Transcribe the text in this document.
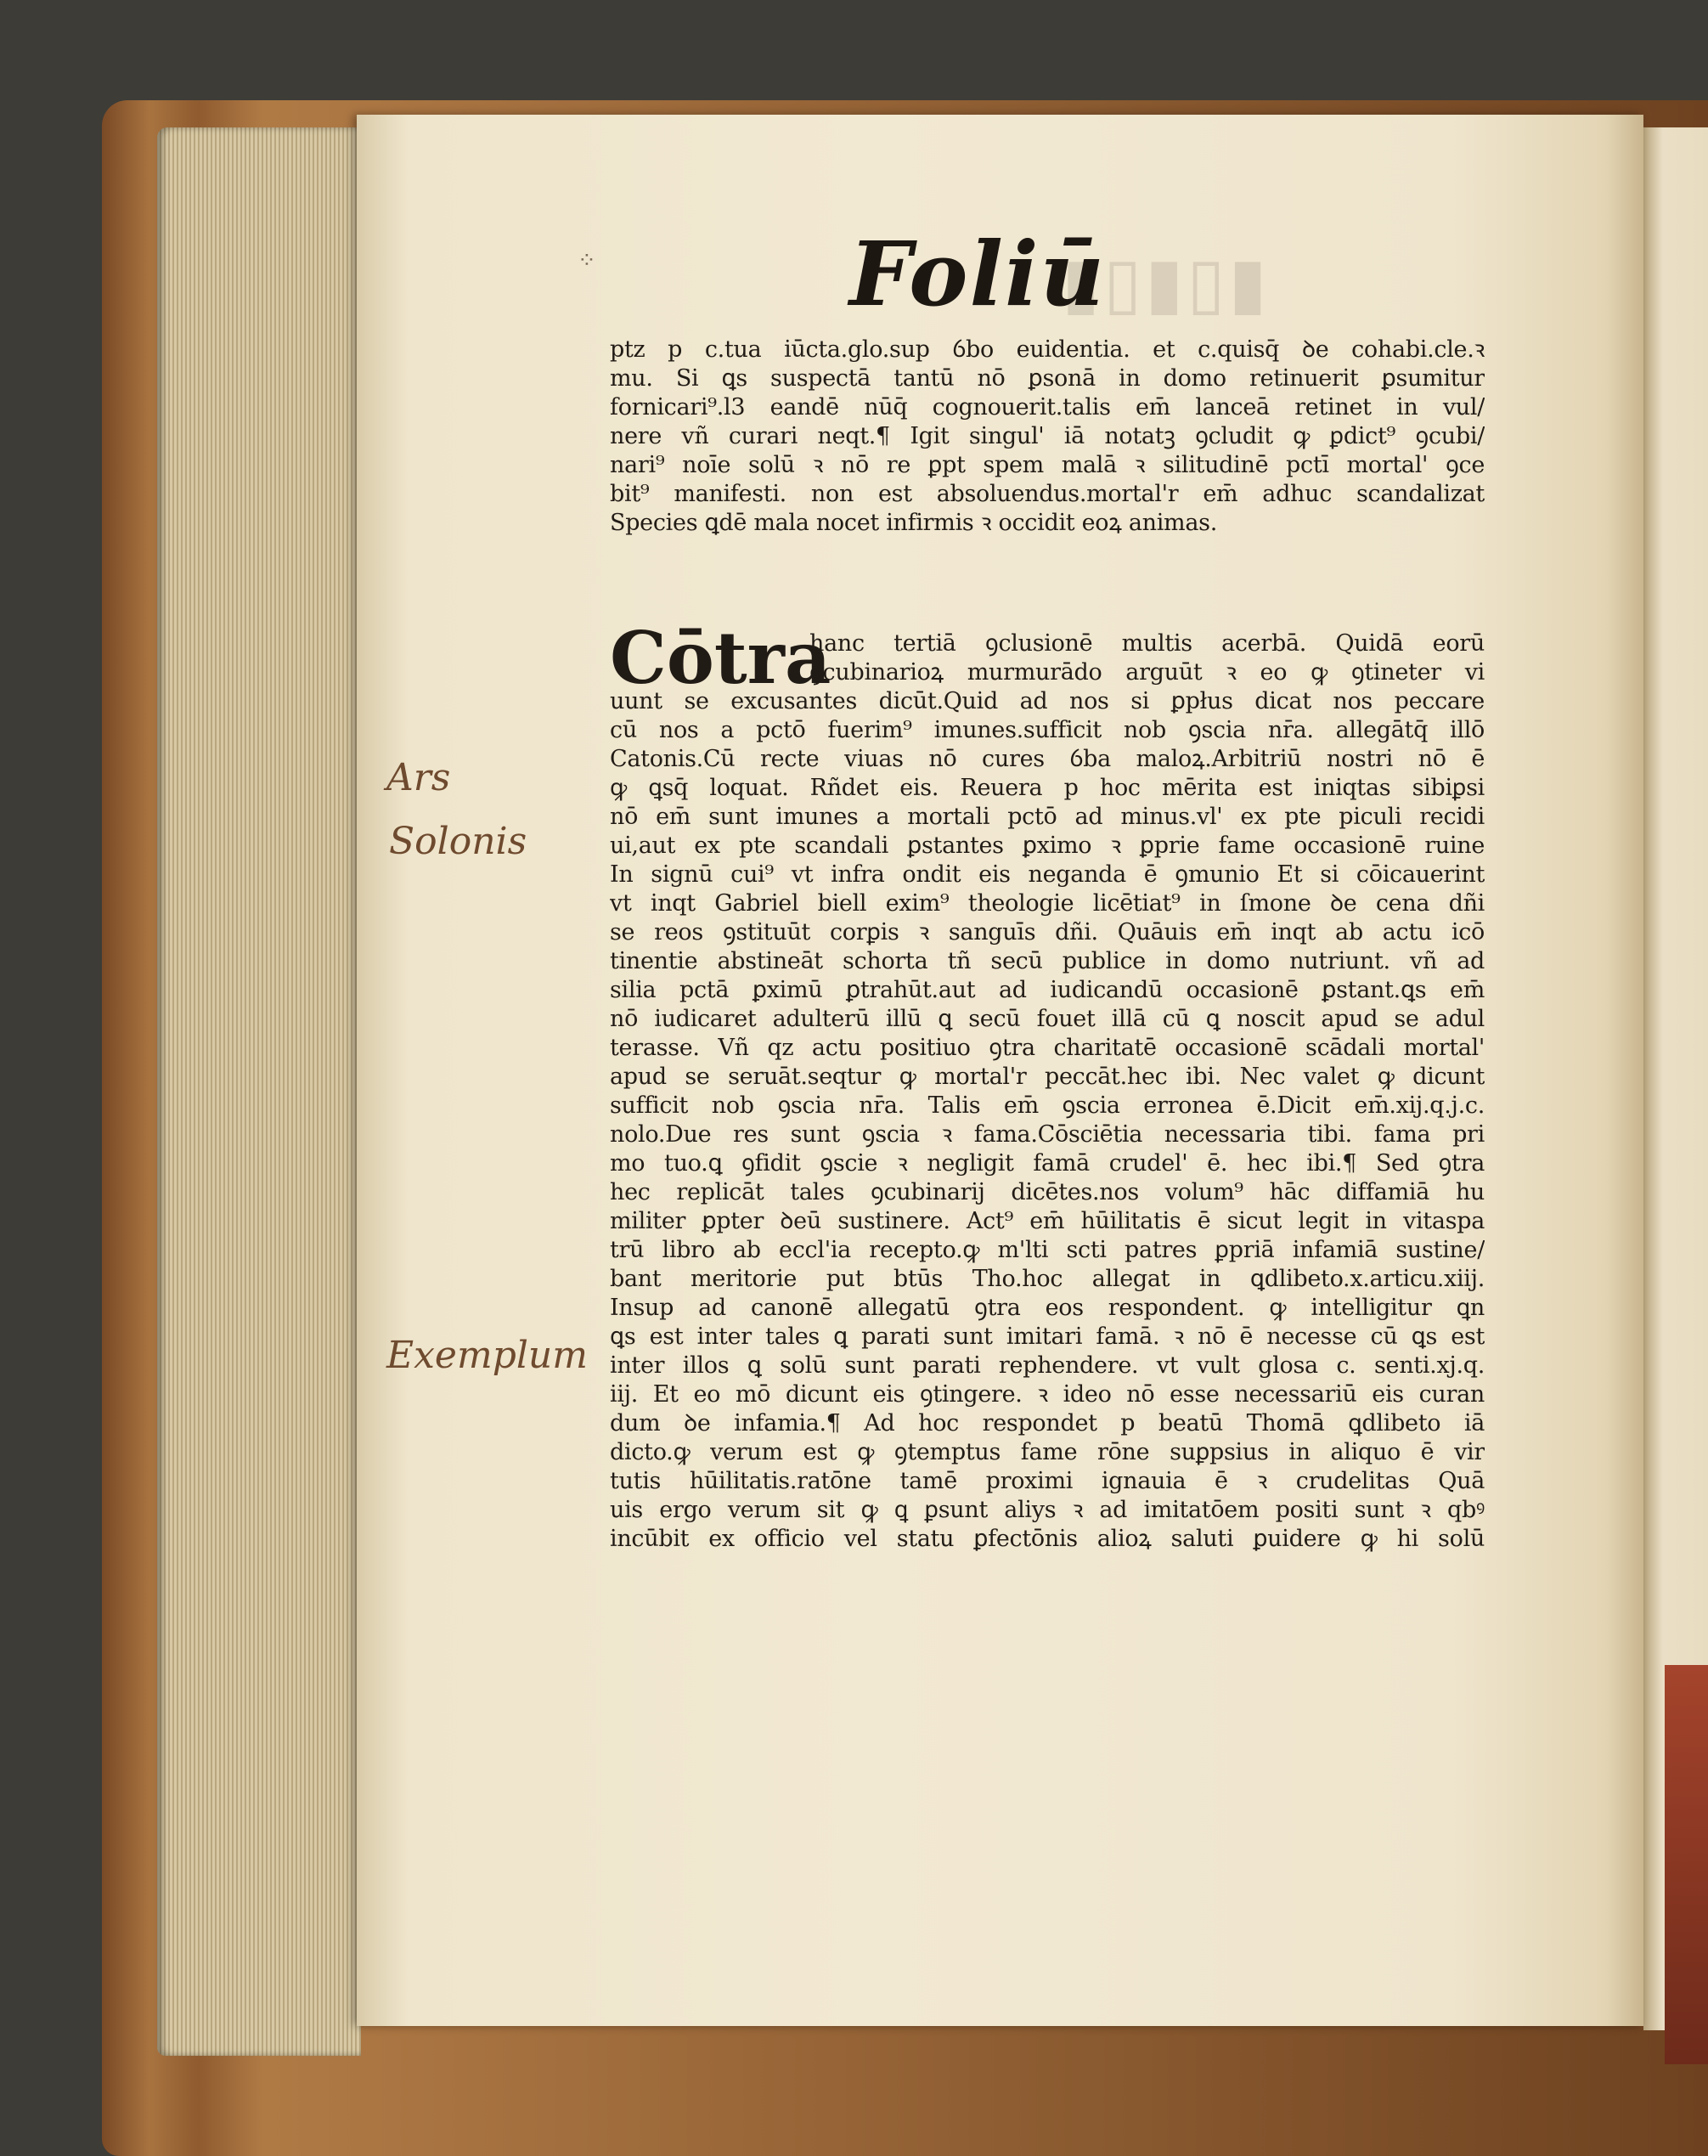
⁘	▮▯▮▯▮
Foliū
Ars
Solonis
Exemplum
ptz p c.tua iūcta.glo.sup ỽbo euidentia. et c.quisq̄ ꝺe cohabi.cle.ꝛ
mu. Si ꝗs suspectā tantū nō ꝑsonā in domo retinuerit ꝑsumitur
fornicari⁹.l3 eandē nūq̄ cognouerit.talis em̄ lanceā retinet in vul/
nere vñ curari neqt.¶ Igit singul' iā notatꝫ ꝯcludit ꝙ ꝑdict⁹ ꝯcubi/
nari⁹ noīe solū ꝛ nō re ꝑpt spem malā ꝛ silitudinē pctī mortal' ꝯce
bit⁹ manifesti. non est absoluendus.mortal'r em̄ adhuc scandalizat
Species ꝗdē mala nocet infirmis ꝛ occidit eoꝝ animas.
Cōtra
hanc tertiā ꝯclusionē multis acerbā. Quidā eorū
ꝯcubinarioꝝ murmurādo arguūt ꝛ eo ꝙ ꝯtineter vi
uunt se excusantes dicūt.Quid ad nos si ꝑpłus dicat nos peccare
cū nos a pctō fuerim⁹ imunes.sufficit nob ꝯscia nr̄a. allegātq̄ illō
Catonis.Cū recte viuas nō cures ỽba maloꝝ.Arbitriū nostri nō ē
ꝙ ꝗsq̄ loquat. Rñdet eis. Reuera p hoc mērita est iniqtas sibiꝑsi
nō em̄ sunt imunes a mortali pctō ad minus.vl' ex pte piculi recidi
ui,aut ex pte scandali ꝑstantes ꝑximo ꝛ ꝑprie fame occasionē ruine
In signū cui⁹ vt infra ondit eis neganda ē ꝯmunio Et si cōicauerint
vt inqt Gabriel biell exim⁹ theologie licētiat⁹ in ſmone ꝺe cena dñi
se reos ꝯstituūt corꝑis ꝛ sanguīs dñi. Quāuis em̄ inqt ab actu icō
tinentie abstineāt schorta tñ secū publice in domo nutriunt. vñ ad
silia pctā ꝑximū ꝑtrahūt.aut ad iudicandū occasionē ꝑstant.ꝗs em̄
nō iudicaret adulterū illū ꝗ secū fouet illā cū ꝗ noscit apud se adul
terasse. Vñ qz actu positiuo ꝯtra charitatē occasionē scādali mortal'
apud se seruāt.seqtur ꝙ mortal'r peccāt.hec ibi. Nec valet ꝙ dicunt
sufficit nob ꝯscia nr̄a. Talis em̄ ꝯscia erronea ē.Dicit em̄.xij.q.j.c.
nolo.Due res sunt ꝯscia ꝛ fama.Cōsciētia necessaria tibi. fama pri
mo tuo.ꝗ ꝯfidit ꝯscie ꝛ negligit famā crudel' ē. hec ibi.¶ Sed ꝯtra
hec replicāt tales ꝯcubinarij dicētes.nos volum⁹ hāc diffamiā hu
militer ꝑpter ꝺeū sustinere. Act⁹ em̄ hūilitatis ē sicut legit in vitaspa
trū libro ab eccl'ia recepto.ꝙ m'lti scti patres ꝑpriā infamiā sustine/
bant meritorie put btūs Tho.hoc allegat in ꝗdlibeto.x.articu.xiij.
Insup ad canonē allegatū ꝯtra eos respondent. ꝙ intelligitur ꝗn
ꝗs est inter tales ꝗ parati sunt imitari famā. ꝛ nō ē necesse cū ꝗs est
inter illos ꝗ solū sunt parati rephendere. vt vult glosa c. senti.xj.q.
iij. Et eo mō dicunt eis ꝯtingere. ꝛ ideo nō esse necessariū eis curan
dum ꝺe infamia.¶ Ad hoc respondet p beatū Thomā ꝗdlibeto iā
dicto.ꝙ verum est ꝙ ꝯtemptus fame rōne suꝑpsius in aliquo ē vir
tutis hūilitatis.ratōne tamē proximi ignauia ē ꝛ crudelitas Quā
uis ergo verum sit ꝙ ꝗ ꝑsunt aliys ꝛ ad imitatōem positi sunt ꝛ qbꝰ
incūbit ex officio vel statu ꝑfectōnis alioꝝ saluti ꝑuidere ꝙ hi solū
